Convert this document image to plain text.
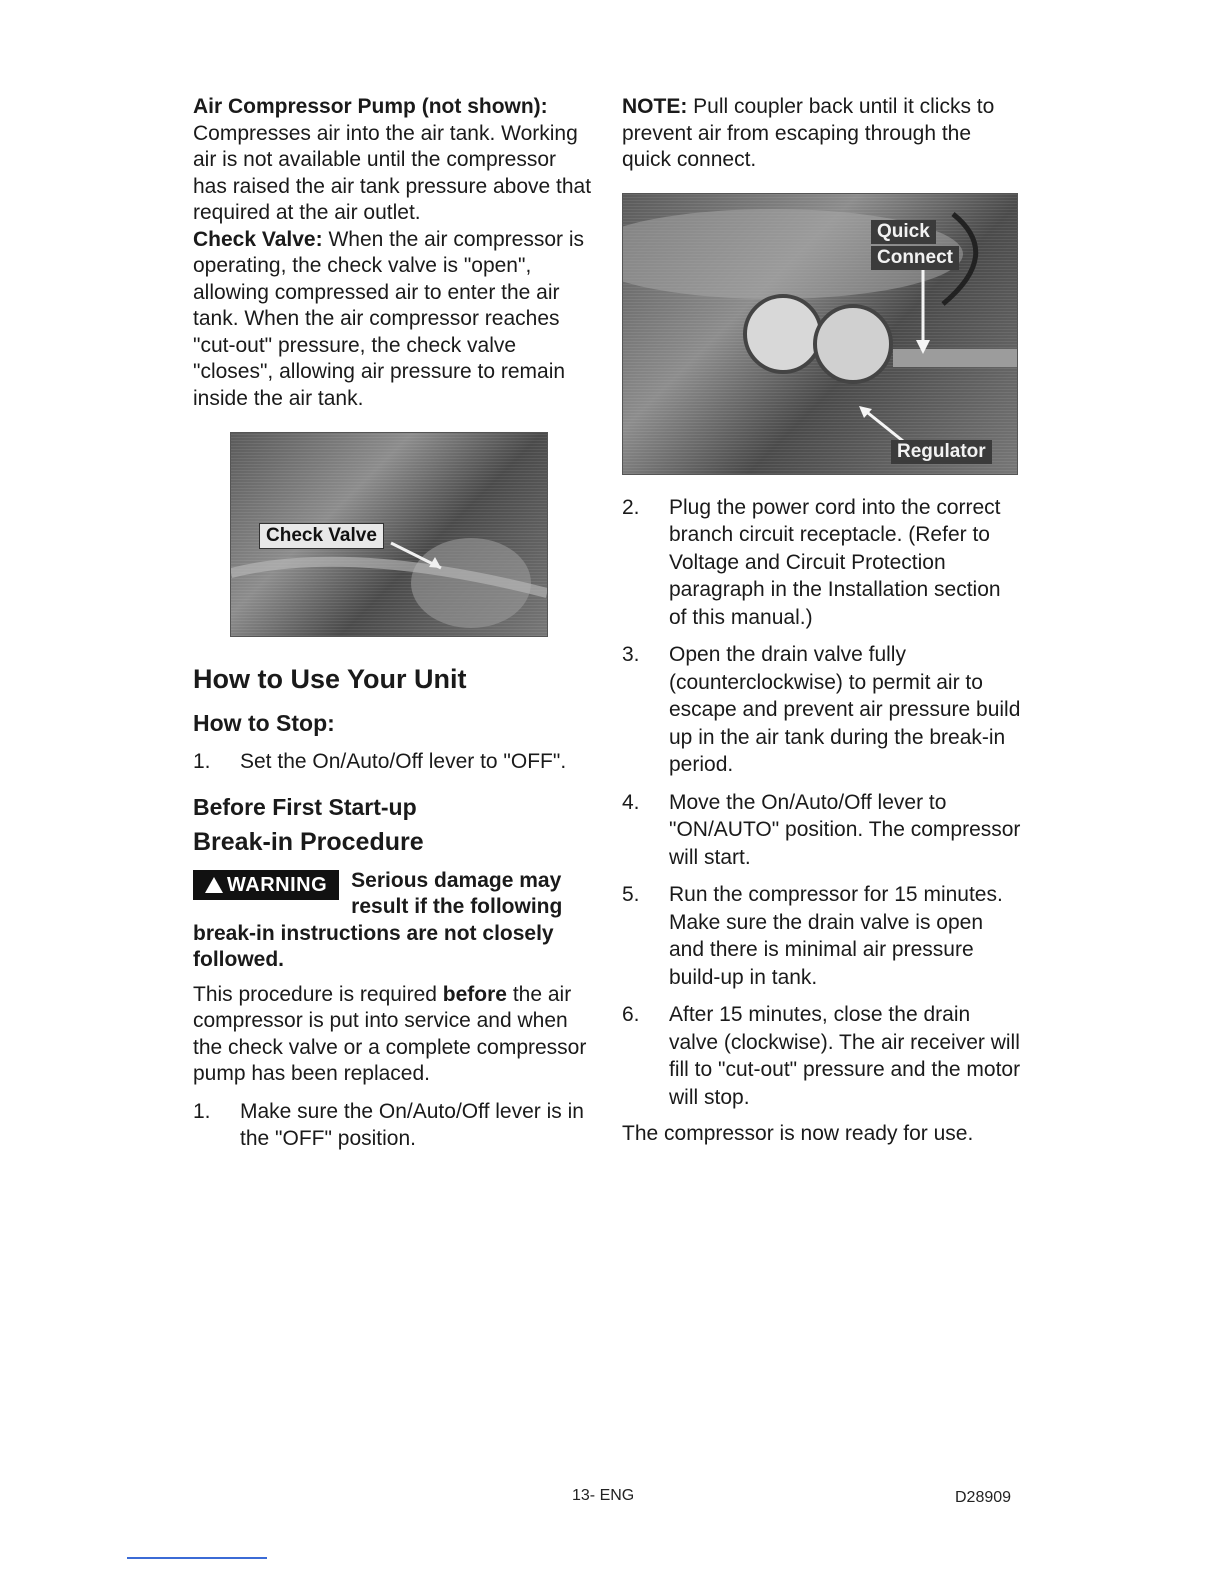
Air Compressor Pump (not shown):
Compresses air into the air tank. Working air is not available until the compressor has raised the air tank pressure above that required at the air outlet.

Check Valve: When the air compressor is operating, the check valve is "open", allowing compressed air to enter the air tank. When the air compressor reaches "cut-out" pressure, the check valve "closes", allowing air pressure to remain inside the air tank.

Check Valve
How to Use Your Unit
How to Stop:
1. Set the On/Auto/Off lever to "OFF".
Before First Start-up
Break-in Procedure
WARNING	Serious damage may result if the following break-in instructions are not closely followed.

This procedure is required before the air compressor is put into service and when the check valve or a complete compressor pump has been replaced.

1. Make sure the On/Auto/Off lever is in the "OFF" position.

NOTE: Pull coupler back until it clicks to prevent air from escaping through the quick connect.

Quick
Connect
Regulator
2. Plug the power cord into the correct branch circuit receptacle. (Refer to Voltage and Circuit Protection paragraph in the Installation section of this manual.)
3. Open the drain valve fully (counterclockwise) to permit air to escape and prevent air pressure build up in the air tank during the break-in period.
4. Move the On/Auto/Off lever to "ON/AUTO" position. The compressor will start.
5. Run the compressor for 15 minutes. Make sure the drain valve is open and there is minimal air pressure build-up in tank.
6. After 15 minutes, close the drain valve (clockwise). The air receiver will fill to "cut-out" pressure and the motor will stop.

The compressor is now ready for use.

13- ENG	D28909
